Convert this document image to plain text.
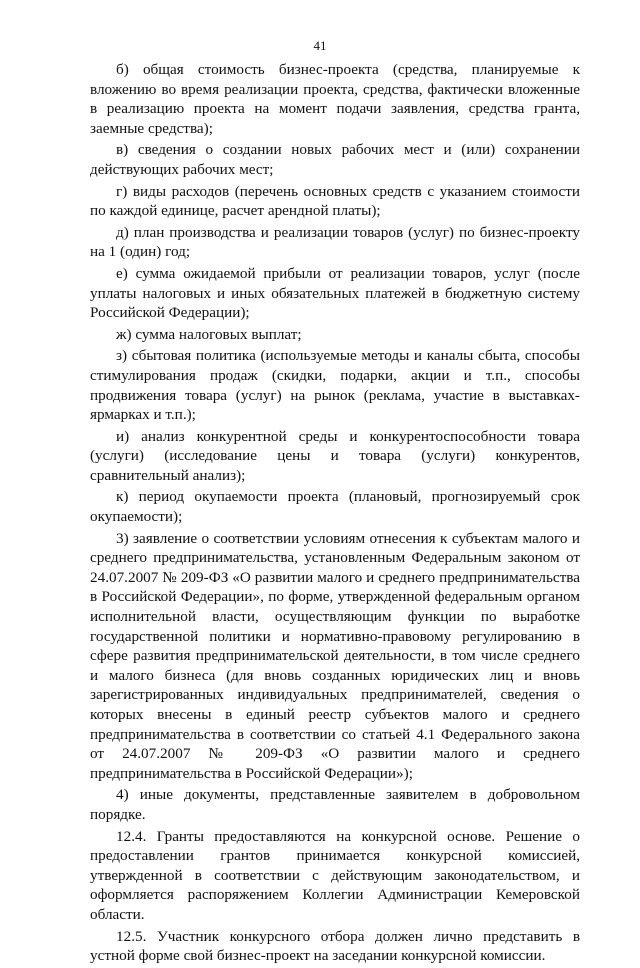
41

б) общая стоимость бизнес-проекта (средства, планируемые к вложению во время реализации проекта, средства, фактически вложенные в реализацию проекта на момент подачи заявления, средства гранта, заемные средства);

в) сведения о создании новых рабочих мест и (или) сохранении действующих рабочих мест;

г) виды расходов (перечень основных средств с указанием стоимости по каждой единице, расчет арендной платы);

д) план производства и реализации товаров (услуг) по бизнес-проекту на 1 (один) год;

е) сумма ожидаемой прибыли от реализации товаров, услуг (после уплаты налоговых и иных обязательных платежей в бюджетную систему Российской Федерации);

ж) сумма налоговых выплат;

з) сбытовая политика (используемые методы и каналы сбыта, способы стимулирования продаж (скидки, подарки, акции и т.п., способы продвижения товара (услуг) на рынок (реклама, участие в выставках-ярмарках и т.п.);

и) анализ конкурентной среды и конкурентоспособности товара (услуги) (исследование цены и товара (услуги) конкурентов, сравнительный анализ);

к) период окупаемости проекта (плановый, прогнозируемый срок окупаемости);

3) заявление о соответствии условиям отнесения к субъектам малого и среднего предпринимательства, установленным Федеральным законом от 24.07.2007 № 209-ФЗ «О развитии малого и среднего предпринимательства в Российской Федерации», по форме, утвержденной федеральным органом исполнительной власти, осуществляющим функции по выработке государственной политики и нормативно-правовому регулированию в сфере развития предпринимательской деятельности, в том числе среднего и малого бизнеса (для вновь созданных юридических лиц и вновь зарегистрированных индивидуальных предпринимателей, сведения о которых внесены в единый реестр субъектов малого и среднего предпринимательства в соответствии со статьей 4.1 Федерального закона от 24.07.2007 № 209-ФЗ «О развитии малого и среднего предпринимательства в Российской Федерации»);

4) иные документы, представленные заявителем в добровольном порядке.

12.4. Гранты предоставляются на конкурсной основе. Решение о предоставлении грантов принимается конкурсной комиссией, утвержденной в соответствии с действующим законодательством, и оформляется распоряжением Коллегии Администрации Кемеровской области.

12.5. Участник конкурсного отбора должен лично представить в устной форме свой бизнес-проект на заседании конкурсной комиссии.
